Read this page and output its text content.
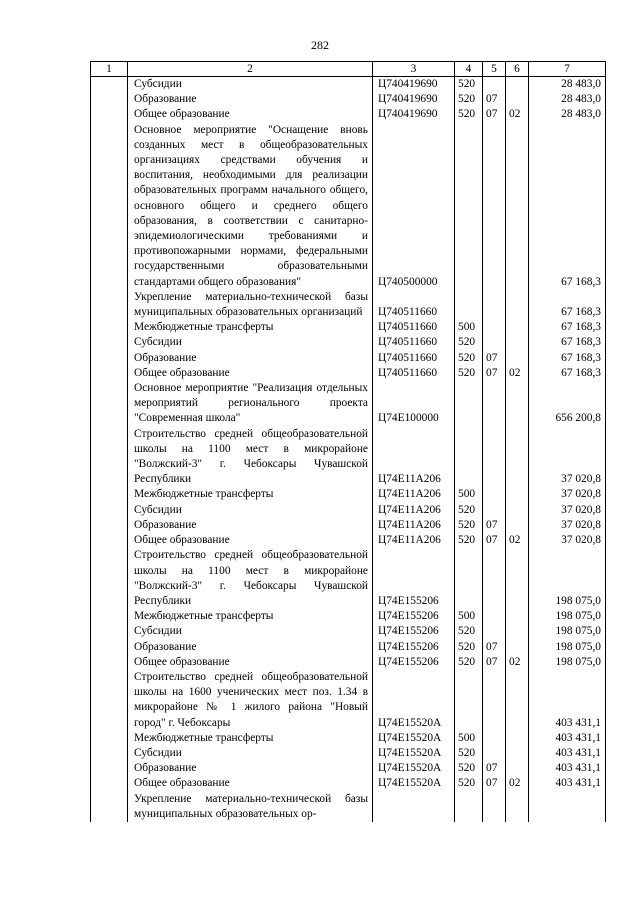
282
1	2	3	4	5	6	7
	Субсидии	Ц740419690	520			28 483,0
	Образование	Ц740419690	520	07		28 483,0
	Общее образование	Ц740419690	520	07	02	28 483,0
	Основное мероприятие "Оснащение вновь созданных мест в общеобразовательных организациях средствами обучения и воспитания, необходимыми для реализации образовательных программ начального общего, основного общего и среднего общего образования, в соответствии с санитарно-эпидемиологическими требованиями и противопожарными нормами, федеральными государственными образовательными стандартами общего образования"	Ц740500000				67 168,3
	Укрепление материально-технической базы муниципальных образовательных организаций	Ц740511660				67 168,3
	Межбюджетные трансферты	Ц740511660	500			67 168,3
	Субсидии	Ц740511660	520			67 168,3
	Образование	Ц740511660	520	07		67 168,3
	Общее образование	Ц740511660	520	07	02	67 168,3
	Основное мероприятие "Реализация отдельных мероприятий регионального проекта "Современная школа"	Ц74Е100000				656 200,8
	Строительство средней общеобразовательной школы на 1100 мест в микрорайоне "Волжский-3" г. Чебоксары Чувашской Республики	Ц74Е11А206				37 020,8
	Межбюджетные трансферты	Ц74Е11А206	500			37 020,8
	Субсидии	Ц74Е11А206	520			37 020,8
	Образование	Ц74Е11А206	520	07		37 020,8
	Общее образование	Ц74Е11А206	520	07	02	37 020,8
	Строительство средней общеобразовательной школы на 1100 мест в микрорайоне "Волжский-3" г. Чебоксары Чувашской Республики	Ц74Е155206				198 075,0
	Межбюджетные трансферты	Ц74Е155206	500			198 075,0
	Субсидии	Ц74Е155206	520			198 075,0
	Образование	Ц74Е155206	520	07		198 075,0
	Общее образование	Ц74Е155206	520	07	02	198 075,0
	Строительство средней общеобразовательной школы на 1600 ученических мест поз. 1.34 в микрорайоне № 1 жилого района "Новый город" г. Чебоксары	Ц74Е15520А				403 431,1
	Межбюджетные трансферты	Ц74Е15520А	500			403 431,1
	Субсидии	Ц74Е15520А	520			403 431,1
	Образование	Ц74Е15520А	520	07		403 431,1
	Общее образование	Ц74Е15520А	520	07	02	403 431,1
	Укрепление материально-технической базы муниципальных образовательных ор-					
